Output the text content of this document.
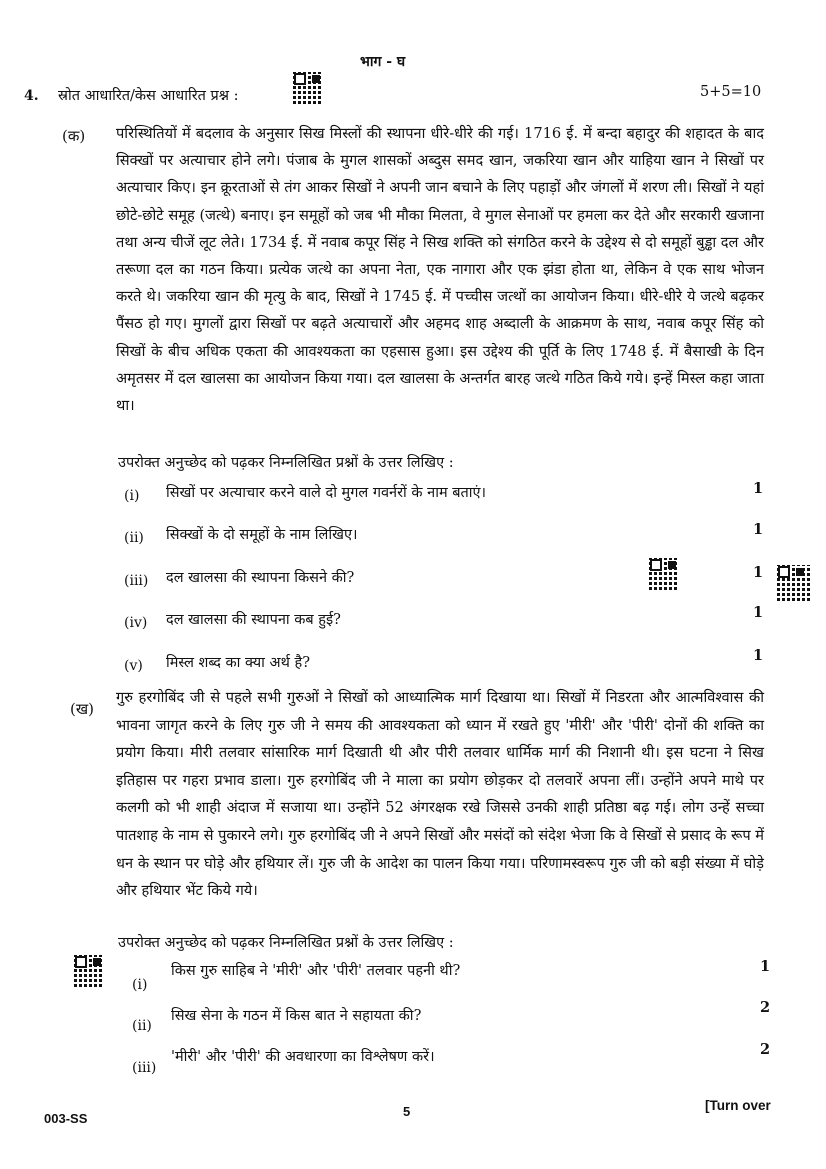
भाग - घ
4. स्रोत आधारित/केस आधारित प्रश्न :	5+5=10
(क) परिस्थितियों में बदलाव के अनुसार सिख मिस्लों की स्थापना धीरे-धीरे की गई। 1716 ई. में बन्दा बहादुर की शहादत के बाद सिक्खों पर अत्याचार होने लगे। पंजाब के मुगल शासकों अब्दुस समद खान, जकरिया खान और याहिया खान ने सिखों पर अत्याचार किए। इन क्रूरताओं से तंग आकर सिखों ने अपनी जान बचाने के लिए पहाड़ों और जंगलों में शरण ली। सिखों ने यहां छोटे-छोटे समूह (जत्थे) बनाए। इन समूहों को जब भी मौका मिलता, वे मुगल सेनाओं पर हमला कर देते और सरकारी खजाना तथा अन्य चीजें लूट लेते। 1734 ई. में नवाब कपूर सिंह ने सिख शक्ति को संगठित करने के उद्देश्य से दो समूहों बुड्ढा दल और तरूणा दल का गठन किया। प्रत्येक जत्थे का अपना नेता, एक नागारा और एक झंडा होता था, लेकिन वे एक साथ भोजन करते थे। जकरिया खान की मृत्यु के बाद, सिखों ने 1745 ई. में पच्चीस जत्थों का आयोजन किया। धीरे-धीरे ये जत्थे बढ़कर पैंसठ हो गए। मुगलों द्वारा सिखों पर बढ़ते अत्याचारों और अहमद शाह अब्दाली के आक्रमण के साथ, नवाब कपूर सिंह को सिखों के बीच अधिक एकता की आवश्यकता का एहसास हुआ। इस उद्देश्य की पूर्ति के लिए 1748 ई. में बैसाखी के दिन अमृतसर में दल खालसा का आयोजन किया गया। दल खालसा के अन्तर्गत बारह जत्थे गठित किये गये। इन्हें मिस्ल कहा जाता था।
उपरोक्त अनुच्छेद को पढ़कर निम्नलिखित प्रश्नों के उत्तर लिखिए :
(i) सिखों पर अत्याचार करने वाले दो मुगल गवर्नरों के नाम बताएं।	1
(ii) सिक्खों के दो समूहों के नाम लिखिए।	1
(iii) दल खालसा की स्थापना किसने की?	1
(iv) दल खालसा की स्थापना कब हुई?	1
(v) मिस्ल शब्द का क्या अर्थ है?	1
(ख)
गुरु हरगोबिंद जी से पहले सभी गुरुओं ने सिखों को आध्यात्मिक मार्ग दिखाया था। सिखों में निडरता और आत्मविश्वास की भावना जागृत करने के लिए गुरु जी ने समय की आवश्यकता को ध्यान में रखते हुए 'मीरी' और 'पीरी' दोनों की शक्ति का प्रयोग किया। मीरी तलवार सांसारिक मार्ग दिखाती थी और पीरी तलवार धार्मिक मार्ग की निशानी थी। इस घटना ने सिख इतिहास पर गहरा प्रभाव डाला। गुरु हरगोबिंद जी ने माला का प्रयोग छोड़कर दो तलवारें अपना लीं। उन्होंने अपने माथे पर कलगी को भी शाही अंदाज में सजाया था। उन्होंने 52 अंगरक्षक रखे जिससे उनकी शाही प्रतिष्ठा बढ़ गई। लोग उन्हें सच्चा पातशाह के नाम से पुकारने लगे। गुरु हरगोबिंद जी ने अपने सिखों और मसंदों को संदेश भेजा कि वे सिखों से प्रसाद के रूप में धन के स्थान पर घोड़े और हथियार लें। गुरु जी के आदेश का पालन किया गया। परिणामस्वरूप गुरु जी को बड़ी संख्या में घोड़े और हथियार भेंट किये गये।
उपरोक्त अनुच्छेद को पढ़कर निम्नलिखित प्रश्नों के उत्तर लिखिए :
(i)
किस गुरु साहिब ने 'मीरी' और 'पीरी' तलवार पहनी थी?	1
(ii)
सिख सेना के गठन में किस बात ने सहायता की?	2
(iii)
'मीरी' और 'पीरी' की अवधारणा का विश्लेषण करें।	2
003-SS	5	[Turn over
